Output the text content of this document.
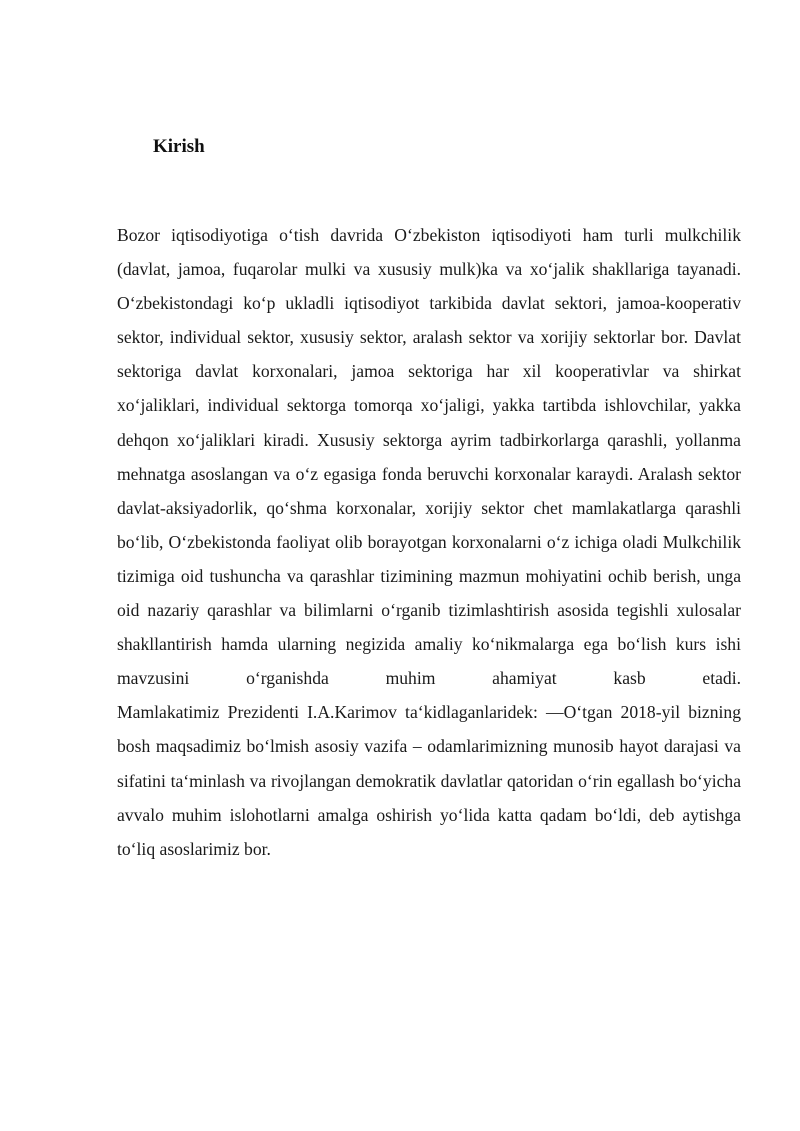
Kirish

Bozor iqtisodiyotiga o‘tish davrida O‘zbekiston iqtisodiyoti ham turli mulkchilik (davlat, jamoa, fuqarolar mulki va xususiy mulk)ka va xo‘jalik shakllariga tayanadi. O‘zbekistondagi ko‘p ukladli iqtisodiyot tarkibida davlat sektori, jamoa-kooperativ sektor, individual sektor, xususiy sektor, aralash sektor va xorijiy sektorlar bor. Davlat sektoriga davlat korxonalari, jamoa sektoriga har xil kooperativlar va shirkat xo‘jaliklari, individual sektorga tomorqa xo‘jaligi, yakka tartibda ishlovchilar, yakka dehqon xo‘jaliklari kiradi. Xususiy sektorga ayrim tadbirkorlarga qarashli, yollanma mehnatga asoslangan va o‘z egasiga fonda beruvchi korxonalar karaydi. Aralash sektor davlat-aksiyadorlik, qo‘shma korxonalar, xorijiy sektor chet mamlakatlarga qarashli bo‘lib, O‘zbekistonda faoliyat olib borayotgan korxonalarni o‘z ichiga oladi Mulkchilik tizimiga oid tushuncha va qarashlar tizimining mazmun mohiyatini ochib berish, unga oid nazariy qarashlar va bilimlarni o‘rganib tizimlashtirish asosida tegishli xulosalar shakllantirish hamda ularning negizida amaliy ko‘nikmalarga ega bo‘lish kurs ishi mavzusini o‘rganishda muhim ahamiyat kasb etadi.

Mamlakatimiz Prezidenti I.A.Karimov ta‘kidlaganlaridek: —O‘tgan 2018-yil bizning bosh maqsadimiz bo‘lmish asosiy vazifa – odamlarimizning munosib hayot darajasi va sifatini ta‘minlash va rivojlangan demokratik davlatlar qatoridan o‘rin egallash bo‘yicha avvalo muhim islohotlarni amalga oshirish yo‘lida katta qadam bo‘ldi, deb aytishga to‘liq asoslarimiz bor.
